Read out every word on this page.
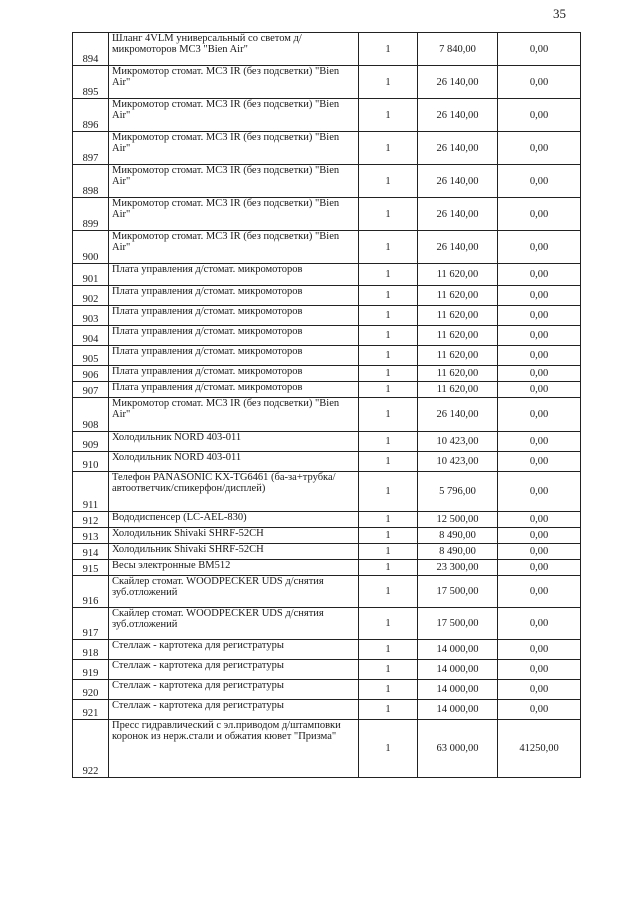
35
894	Шланг 4VLM универсальный со светом д/микромоторов MC3 "Bien Air"	1	7 840,00	0,00
895	Микромотор стомат. MC3 IR (без подсветки) "Bien Air"	1	26 140,00	0,00
896	Микромотор стомат. MC3 IR (без подсветки) "Bien Air"	1	26 140,00	0,00
897	Микромотор стомат. MC3 IR (без подсветки) "Bien Air"	1	26 140,00	0,00
898	Микромотор стомат. MC3 IR (без подсветки) "Bien Air"	1	26 140,00	0,00
899	Микромотор стомат. MC3 IR (без подсветки) "Bien Air"	1	26 140,00	0,00
900	Микромотор стомат. MC3 IR (без подсветки) "Bien Air"	1	26 140,00	0,00
901	Плата управления д/стомат. микромоторов	1	11 620,00	0,00
902	Плата управления д/стомат. микромоторов	1	11 620,00	0,00
903	Плата управления д/стомат. микромоторов	1	11 620,00	0,00
904	Плата управления д/стомат. микромоторов	1	11 620,00	0,00
905	Плата управления д/стомат. микромоторов	1	11 620,00	0,00
906	Плата управления д/стомат. микромоторов	1	11 620,00	0,00
907	Плата управления д/стомат. микромоторов	1	11 620,00	0,00
908	Микромотор стомат. MC3 IR (без подсветки) "Bien Air"	1	26 140,00	0,00
909	Холодильник NORD 403-011	1	10 423,00	0,00
910	Холодильник NORD 403-011	1	10 423,00	0,00
911	Телефон PANASONIC KX-TG6461 (ба-за+трубка/автоответчик/спикерфон/дисплей)	1	5 796,00	0,00
912	Вододиспенсер (LC-AEL-830)	1	12 500,00	0,00
913	Холодильник Shivaki SHRF-52CH	1	8 490,00	0,00
914	Холодильник Shivaki SHRF-52CH	1	8 490,00	0,00
915	Весы электронные ВМ512	1	23 300,00	0,00
916	Скайлер стомат. WOODPECKER UDS д/снятия зуб.отложений	1	17 500,00	0,00
917	Скайлер стомат. WOODPECKER UDS д/снятия зуб.отложений	1	17 500,00	0,00
918	Стеллаж - картотека для регистратуры	1	14 000,00	0,00
919	Стеллаж - картотека для регистратуры	1	14 000,00	0,00
920	Стеллаж - картотека для регистратуры	1	14 000,00	0,00
921	Стеллаж - картотека для регистратуры	1	14 000,00	0,00
922	Пресс гидравлический с эл.приводом д/штамповки коронок из нерж.стали и обжатия кювет "Призма"	1	63 000,00	41250,00
